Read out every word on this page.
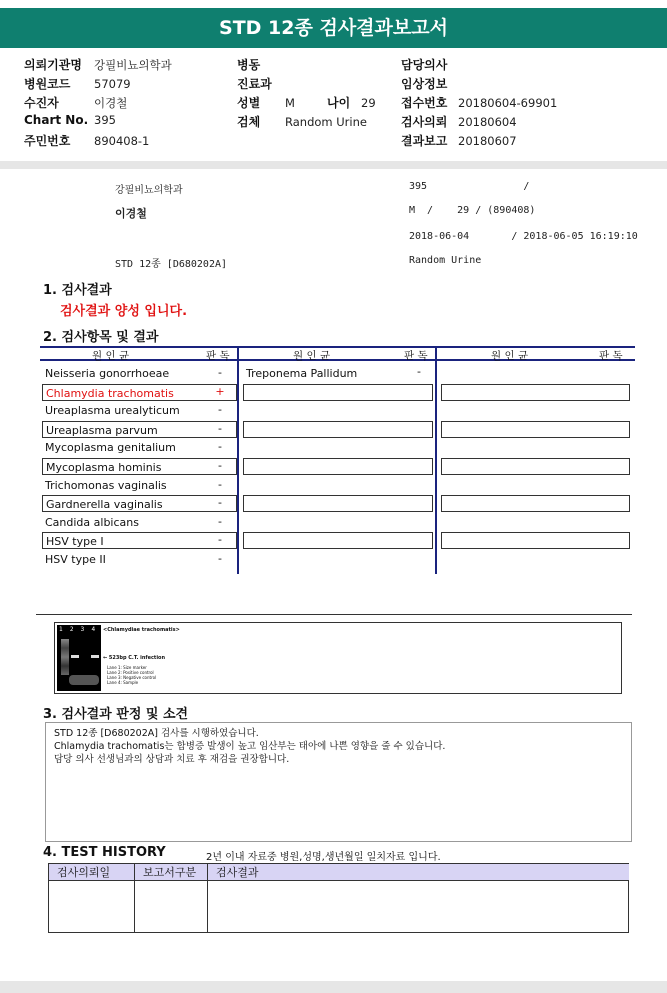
STD 12종 검사결과보고서
의뢰기관명 강필비뇨의학과
병원코드 57079
수진자	이경철
Chart No. 395
주민번호 890408-1
병동
진료과
성별 M	나이 29
검체 Random Urine
담당의사
임상정보
접수번호 20180604-69901
검사의뢰 20180604
결과보고 20180607
강필비뇨의학과	395                /
이경철	M  /    29 / (890408)
2018-06-04       / 2018-06-05 16:19:10
STD 12종 [D680202A]	Random Urine
1. 검사결과
검사결과 양성 입니다.
2. 검사항목 및 결과
원 인 균	판 독	원 인 균	판 독	원 인 균	판 독
Neisseria gonorrhoeae	-
Chlamydia trachomatis	+
Ureaplasma urealyticum	-
Ureaplasma parvum	-
Mycoplasma genitalium	-
Mycoplasma hominis	-
Trichomonas vaginalis	-
Gardnerella vaginalis	-
Candida albicans	-
HSV type I	-
HSV type II	-
Treponema Pallidum	-
1  2  3  4 <Chlamydiae trachomatis>
← 523bp C.T. infection
Lane 1: Size marker
Lane 2: Positive control
Lane 3: Negative control
Lane 4: Sample
3. 검사결과 판정 및 소견
STD 12종 [D680202A] 검사를 시행하였습니다.
Chlamydia trachomatis는 합병증 발생이 높고 임산부는 태아에 나쁜 영향을 줄 수 있습니다.
담당 의사 선생님과의 상담과 치료 후 재검을 권장합니다.
4. TEST HISTORY	2년 이내 자료중 병원,성명,생년월일 일치자료 입니다.
검사의뢰일	보고서구분	검사결과
